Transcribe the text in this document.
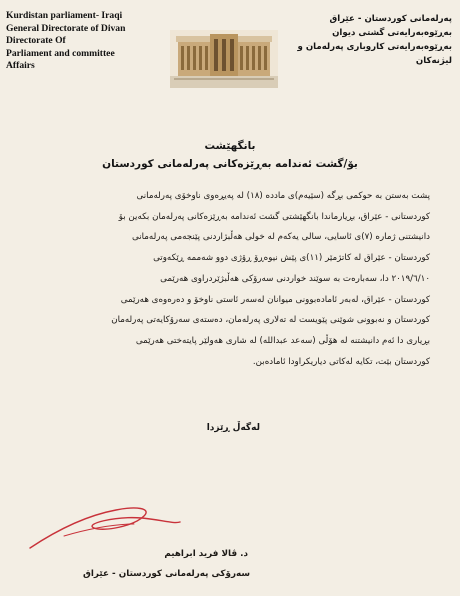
Kurdistan parliament- Iraqi
General Directorate of Divan
Directorate Of
Parliament and committee
Affairs
پەرلەمانی کوردستان - عێراق
بەڕێوەبەرایەتی گشتی دیوان
بەڕێوەبەرایەتی کاروباری پەرلەمان و
لیژنەکان
بانگهێشت
بۆ/گشت ئەندامە بەڕێزەکانی پەرلەمانی کوردستان
پشت بەستن بە حوکمی بڕگە (سێیەم)ی ماددە (١٨) لە پەیڕەوی ناوخۆی پەرلەمانی
کوردستانی - عێراق، بڕیارماندا بانگهێشتی گشت ئەندامە بەڕێزەکانی پەرلەمان بکەین بۆ
دانیشتنی ژمارە (٧)ی ئاسایی، سالی یەکەم لە خولی هەڵبژاردنی پێنجەمی پەرلەمانی
کوردستان - عێراق لە کاتژمێر (١١)ی پێش نیوەڕۆ ڕۆژی دوو شەممە ڕێکەوتی
٢٠١٩/٦/١٠ دا، سەبارەت بە سوێند خواردنی سەرۆکی هەڵبژێردراوی هەرێمی
کوردستان - عێراق، لەبەر ئامادەبوونی میوانان لەسەر ئاستی ناوخۆ و دەرەوەی هەرێمی
کوردستان و نەبوونی شوێنی پێویست لە تەلاری پەرلەمان، دەستەی سەرۆکایەتی پەرلەمان
بڕیاری دا ئەم دانیشتنە لە هۆڵی (سەعد عبداللە) لە شاری هەولێر پایتەختی هەرێمی
کوردستان بێت، تکایە لەکاتی دیاریکراودا ئامادەبن.
لەگەڵ ڕێزدا
د. ڤالا فرید ابراهیم
سەرۆکی پەرلەمانی کوردستان - عێراق
